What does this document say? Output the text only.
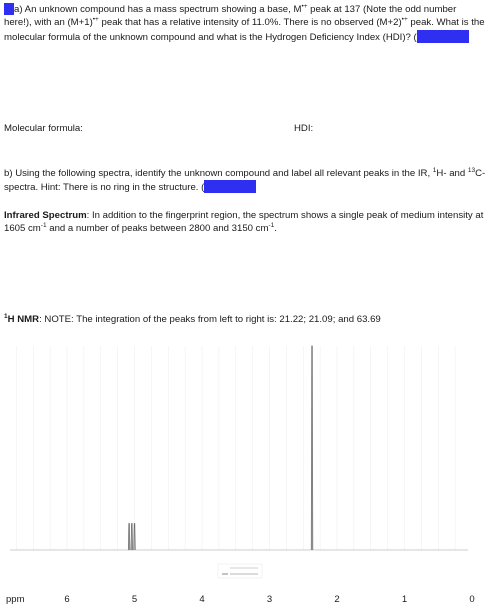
a) An unknown compound has a mass spectrum showing a base, M•+ peak at 137 (Note the odd number here!), with an (M+1)•+ peak that has a relative intensity of 11.0%. There is no observed (M+2)•+ peak. What is the molecular formula of the unknown compound and what is the Hydrogen Deficiency Index (HDI)? (

Molecular formula:	HDI:

b) Using the following spectra, identify the unknown compound and label all relevant peaks in the IR, $^1$H- and $^{13}$C- spectra. Hint: There is no ring in the structure. (

Infrared Spectrum: In addition to the fingerprint region, the spectrum shows a single peak of medium intensity at 1605 $cm^{-1}$ and a number of peaks between 2800 and 3150 $cm^{-1}$.

$^1$H NMR: NOTE: The integration of the peaks from left to right is: 21.22; 21.09; and 63.69

ppm	6	5	4	3	2	1	0
